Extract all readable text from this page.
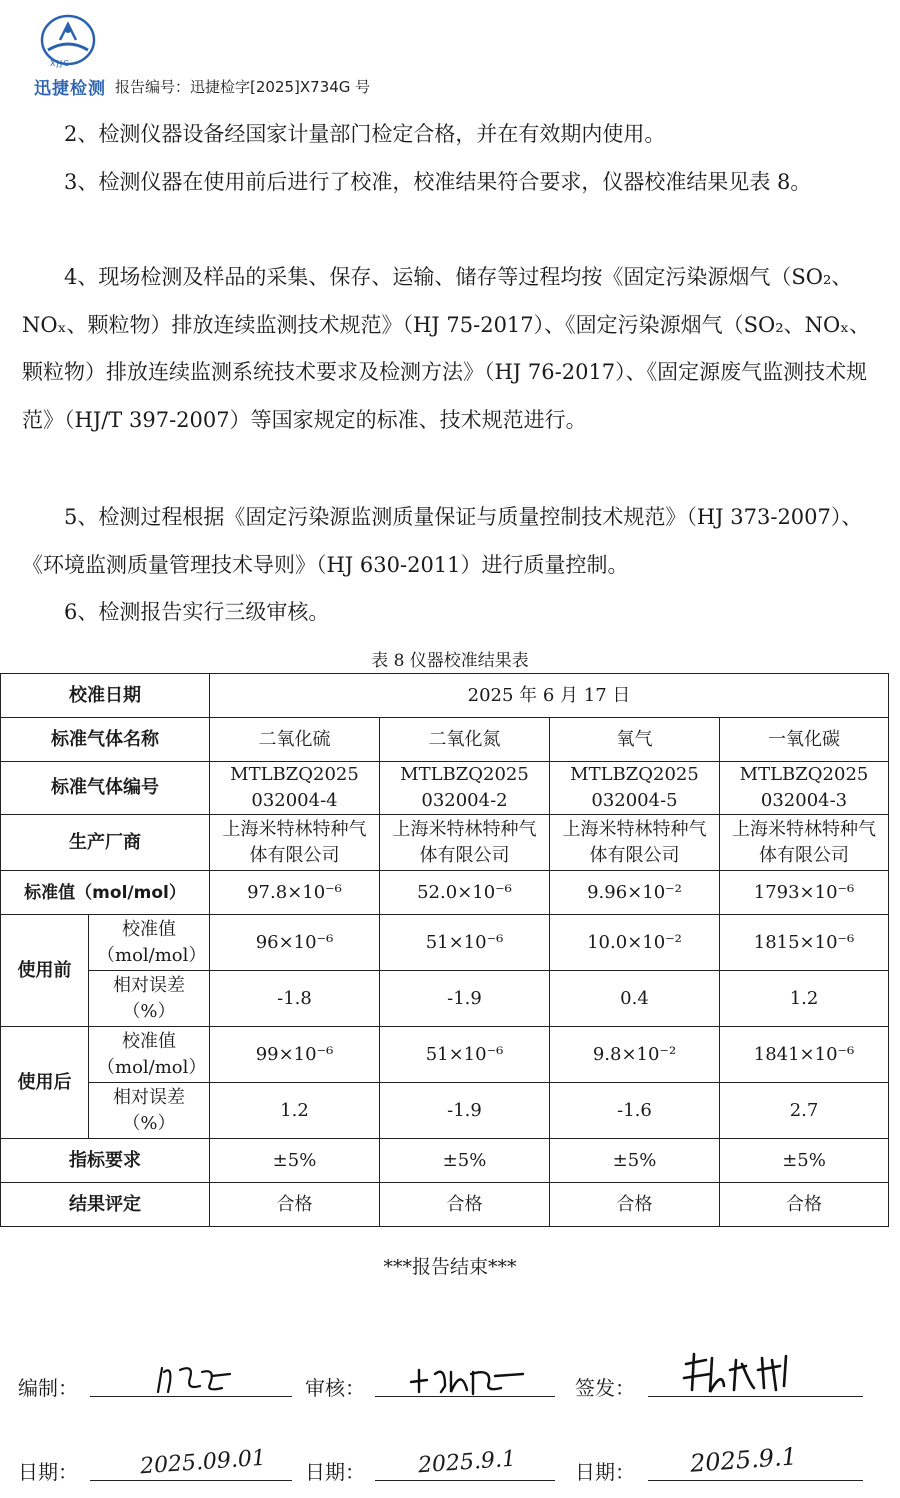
XJJC
迅捷检测 报告编号：迅捷检字[2025]X734G 号

2、检测仪器设备经国家计量部门检定合格，并在有效期内使用。

3、检测仪器在使用前后进行了校准，校准结果符合要求，仪器校准结果见表 8。

4、现场检测及样品的采集、保存、运输、储存等过程均按《固定污染源烟气（SO₂、NOₓ、颗粒物）排放连续监测技术规范》（HJ 75-2017）、《固定污染源烟气（SO₂、NOₓ、颗粒物）排放连续监测系统技术要求及检测方法》（HJ 76-2017）、《固定源废气监测技术规范》（HJ/T 397-2007）等国家规定的标准、技术规范进行。

5、检测过程根据《固定污染源监测质量保证与质量控制技术规范》（HJ 373-2007）、《环境监测质量管理技术导则》（HJ 630-2011）进行质量控制。

6、检测报告实行三级审核。

表 8 仪器校准结果表
校准日期		2025 年 6 月 17 日			
标准气体名称		二氧化硫	二氧化氮	氧气	一氧化碳
标准气体编号		MTLBZQ2025032004-4	MTLBZQ2025032004-2	MTLBZQ2025032004-5	MTLBZQ2025032004-3
生产厂商		上海米特林特种气体有限公司	上海米特林特种气体有限公司	上海米特林特种气体有限公司	上海米特林特种气体有限公司
标准值（mol/mol）		97.8×10⁻⁶	52.0×10⁻⁶	9.96×10⁻²	1793×10⁻⁶
使用前	校准值（mol/mol）	96×10⁻⁶	51×10⁻⁶	10.0×10⁻²	1815×10⁻⁶
	相对误差（%）	-1.8	-1.9	0.4	1.2
使用后	校准值（mol/mol）	99×10⁻⁶	51×10⁻⁶	9.8×10⁻²	1841×10⁻⁶
	相对误差（%）	1.2	-1.9	-1.6	2.7
指标要求		±5%	±5%	±5%	±5%
结果评定		合格	合格	合格	合格
***报告结束***
编制：	审核：	签发：
日期：	2025.09.01 日期： 2025.9.1	日期： 2025.9.1
